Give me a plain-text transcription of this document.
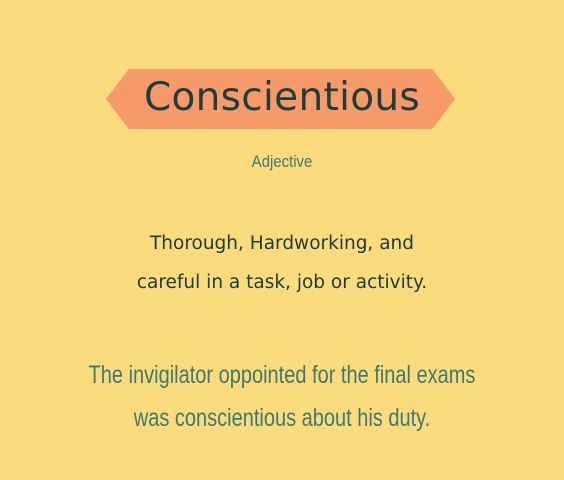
Conscientious
Adjective
Thorough, Hardworking, and
careful in a task, job or activity.
The invigilator oppointed for the final exams
was conscientious about his duty.
